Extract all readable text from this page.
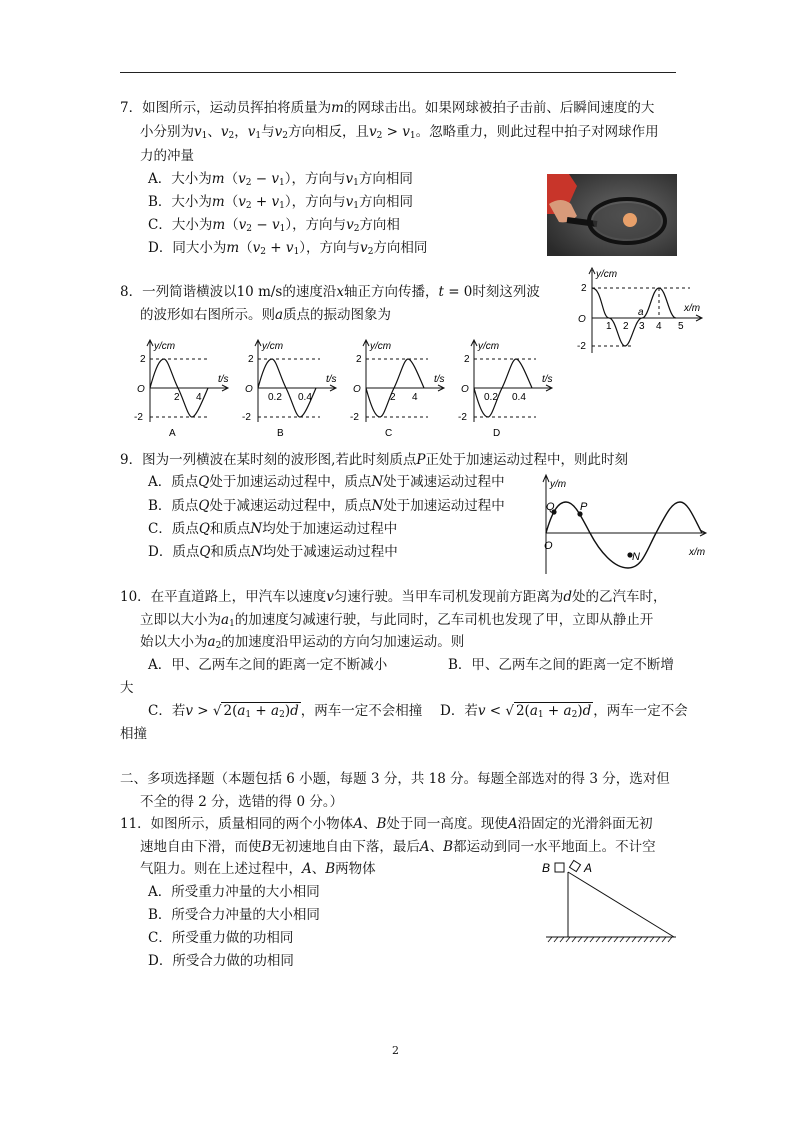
7．如图所示，运动员挥拍将质量为m的网球击出。如果网球被拍子击前、后瞬间速度的大
小分别为$v_1$、$v_2$，$v_1$与$v_2$方向相反，且$v_2 > v_1$。忽略重力，则此过程中拍子对网球作用
力的冲量
A．大小为$m(v_2 - v_1)$，方向与$v_1$方向相同
B．大小为$m(v_2 + v_1)$，方向与$v_1$方向相同
C．大小为$m(v_2 - v_1)$，方向与$v_2$方向相
D．同大小为$m(v_2 + v_1)$，方向与$v_2$方向相同
8．一列简谐横波以10 m/s的速度沿x轴正方向传播，t = 0时刻这列波
的波形如右图所示。则a质点的振动图象为
y/cm
x/m
2
-2
O
1 2 3 4 5
a
y/cm
t/s
2
-2
O
2 4
A
y/cm
t/s
2
-2
O
0.2 0.4
B
y/cm
t/s
2
-2
O
2 4
C
y/cm
t/s
2
-2
O
0.2 0.4
D
9．图为一列横波在某时刻的波形图,若此时刻质点P正处于加速运动过程中，则此时刻
A．质点Q处于加速运动过程中，质点N处于减速运动过程中
B．质点Q处于减速运动过程中，质点N处于加速运动过程中
C．质点Q和质点N均处于加速运动过程中
D．质点Q和质点N均处于减速运动过程中
y/m
x/m
Q P
N
O
10．在平直道路上，甲汽车以速度v匀速行驶。当甲车司机发现前方距离为d处的乙汽车时，
立即以大小为$a_1$的加速度匀减速行驶，与此同时，乙车司机也发现了甲，立即从静止开
始以大小为$a_2$的加速度沿甲运动的方向匀加速运动。则
A．甲、乙两车之间的距离一定不断减小	B．甲、乙两车之间的距离一定不断增
大
C．若v > √ $2(a_1 + a_2)d$ ，两车一定不会相撞 D．若v < √ $2(a_1 + a_2)d$ ，两车一定不会
相撞
二、多项选择题（本题包括 6 小题，每题 3 分，共 18 分。每题全部选对的得 3 分，选对但
不全的得 2 分，选错的得 0 分。）
11．如图所示，质量相同的两个小物体A、B处于同一高度。现使A沿固定的光滑斜面无初
速地自由下滑，而使B无初速地自由下落，最后A、B都运动到同一水平地面上。不计空
气阻力。则在上述过程中，A、B两物体
A．所受重力冲量的大小相同
B．所受合力冲量的大小相同
C．所受重力做的功相同
D．所受合力做的功相同
B	A
2
